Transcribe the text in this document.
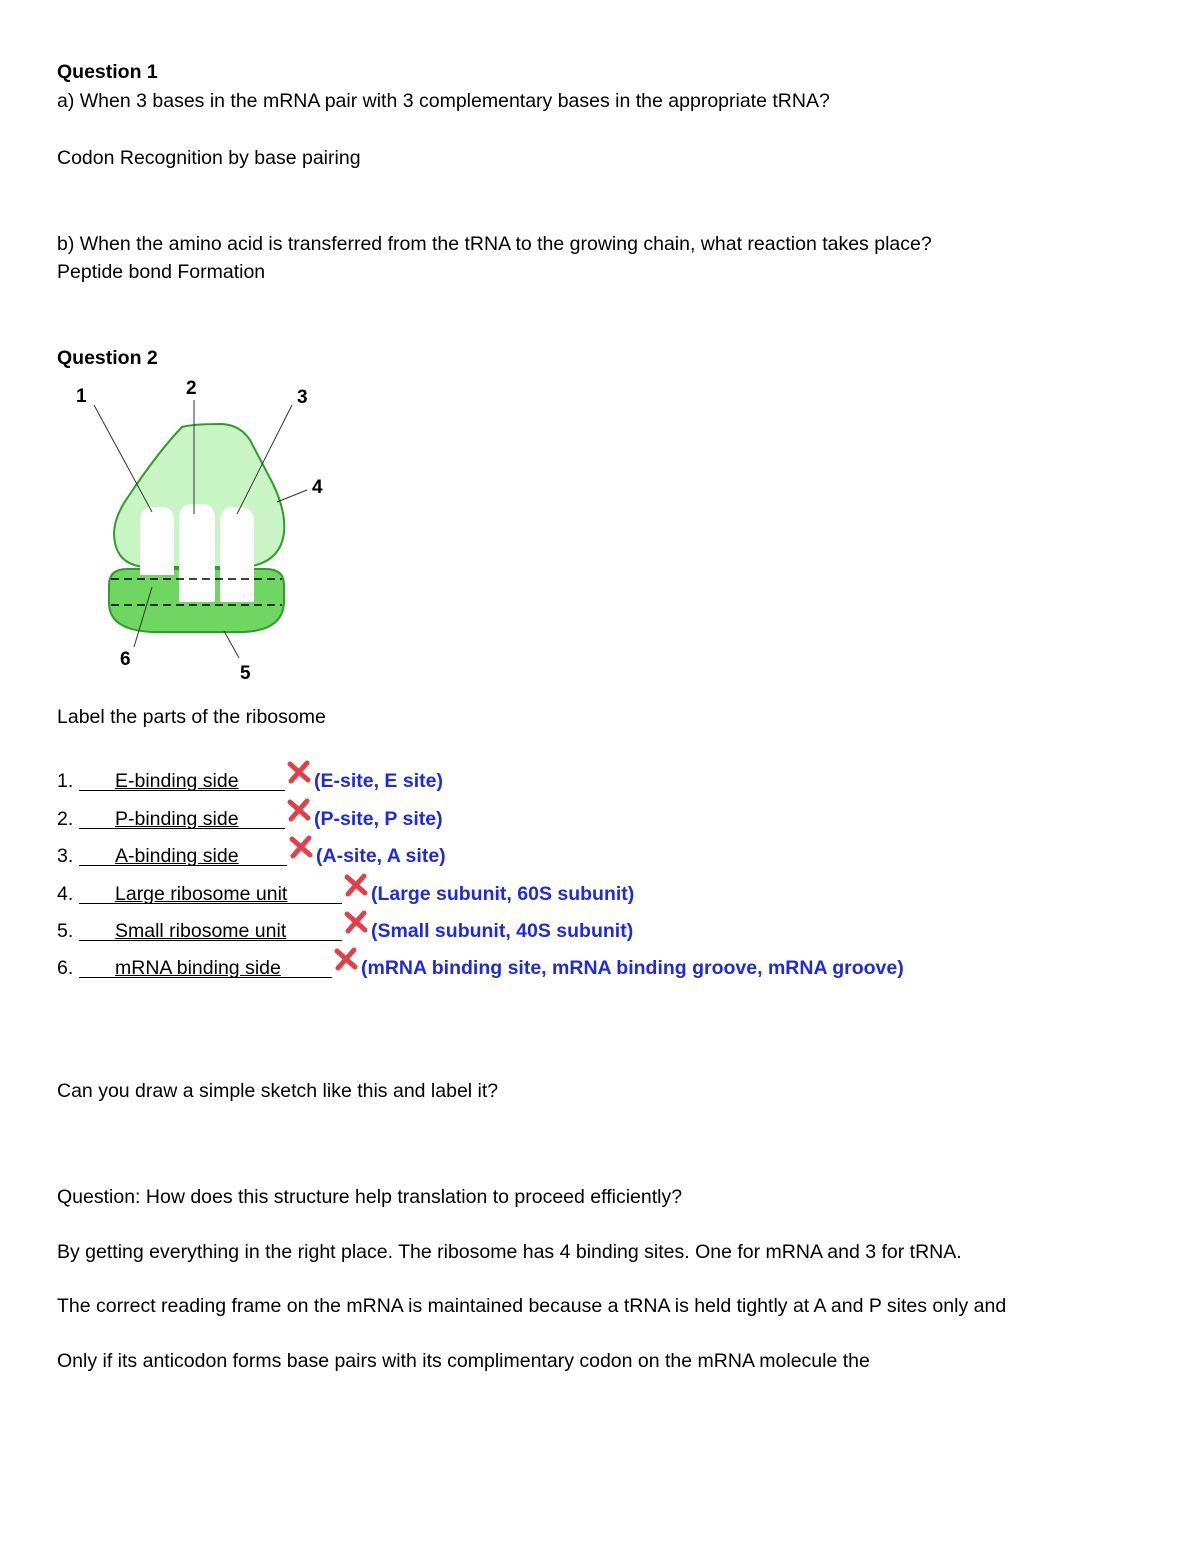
Question 1
a) When 3 bases in the mRNA pair with 3 complementary bases in the appropriate tRNA?
Codon Recognition by base pairing
b) When the amino acid is transferred from the tRNA to the growing chain, what reaction takes place?
Peptide bond Formation
Question 2
1	2	3
4
5
6
Label the parts of the ribosome
1. E-binding side	(E-site, E site)
2. P-binding side	(P-site, P site)
3. A-binding side	(A-site, A site)
4. Large ribosome unit	(Large subunit, 60S subunit)
5. Small ribosome unit	(Small subunit, 40S subunit)
6. mRNA binding side	(mRNA binding site, mRNA binding groove, mRNA groove)
Can you draw a simple sketch like this and label it?
Question: How does this structure help translation to proceed efficiently?
By getting everything in the right place. The ribosome has 4 binding sites. One for mRNA and 3 for tRNA.
The correct reading frame on the mRNA is maintained because a tRNA is held tightly at A and P sites only and
Only if its anticodon forms base pairs with its complimentary codon on the mRNA molecule the
